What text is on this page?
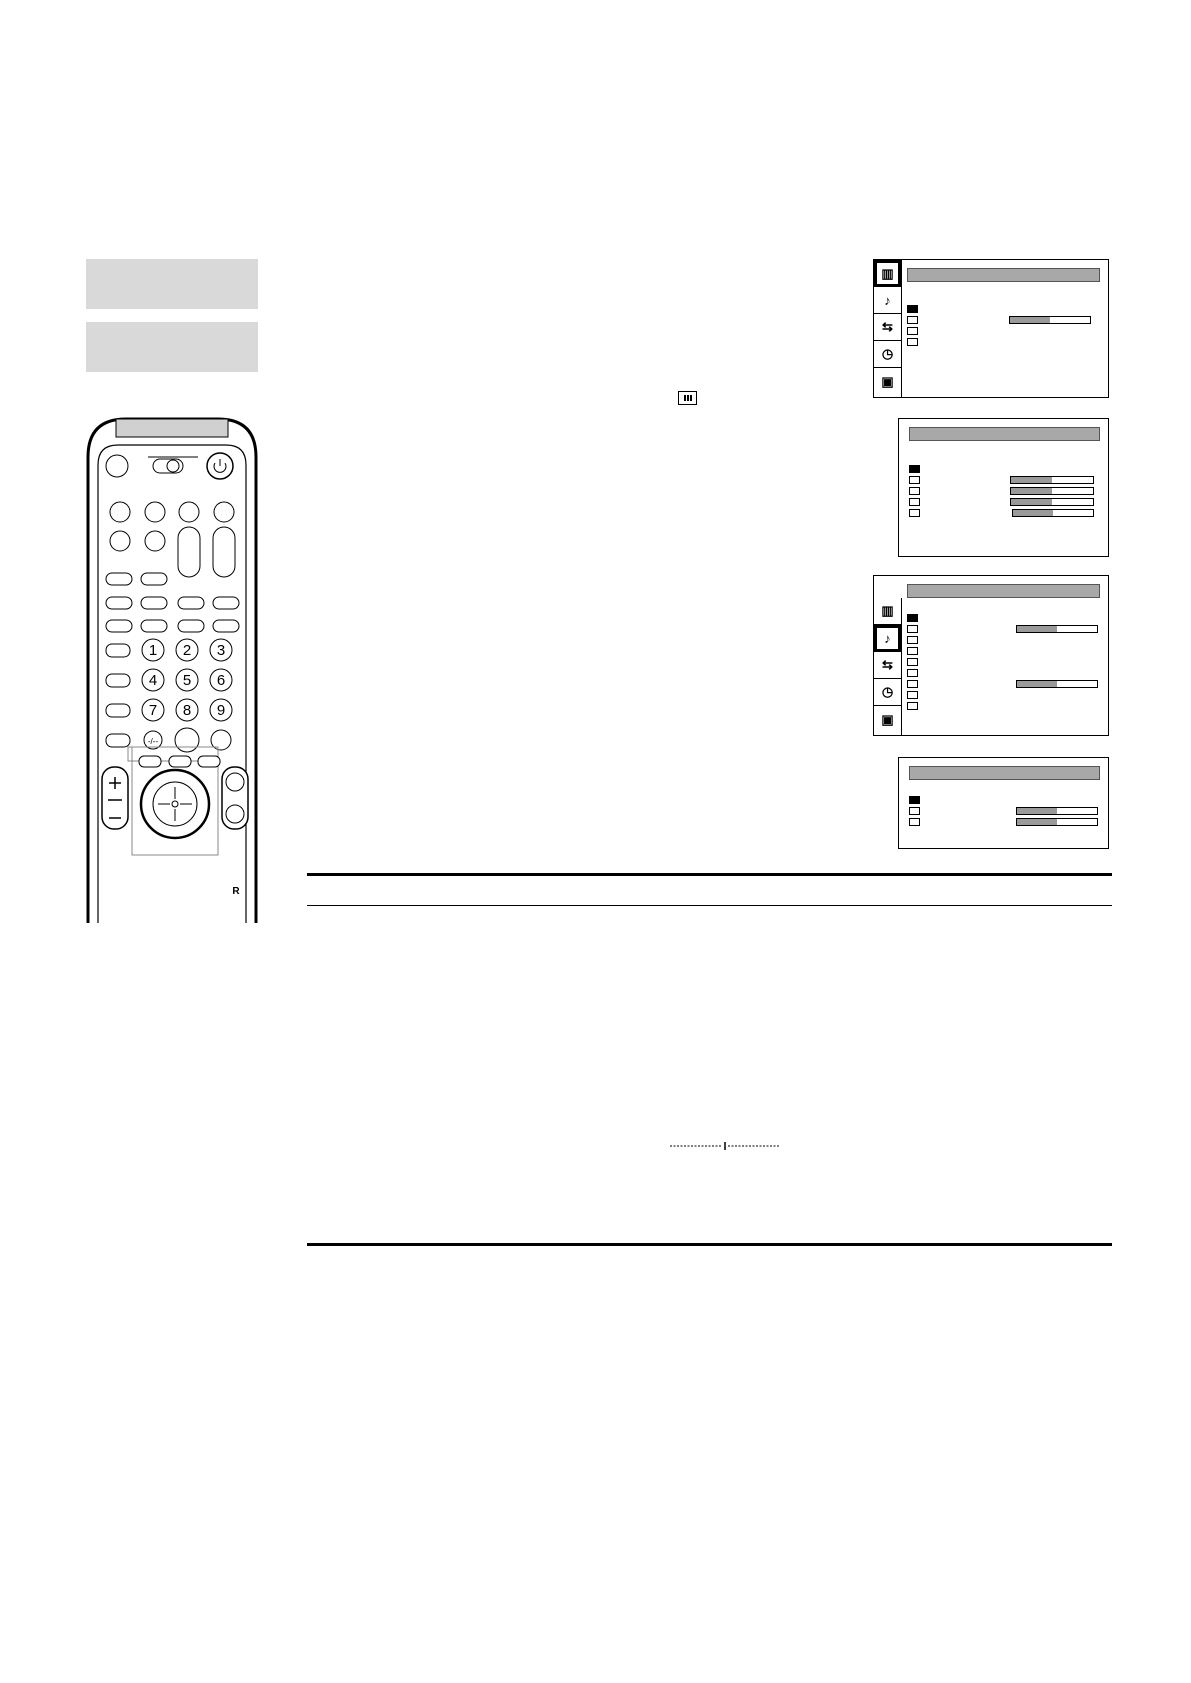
1 2 3
4 5 6
7 8 9
-/--
R
▥
♪
⇆
◷
▣
▥
♪
⇆
◷
▣
